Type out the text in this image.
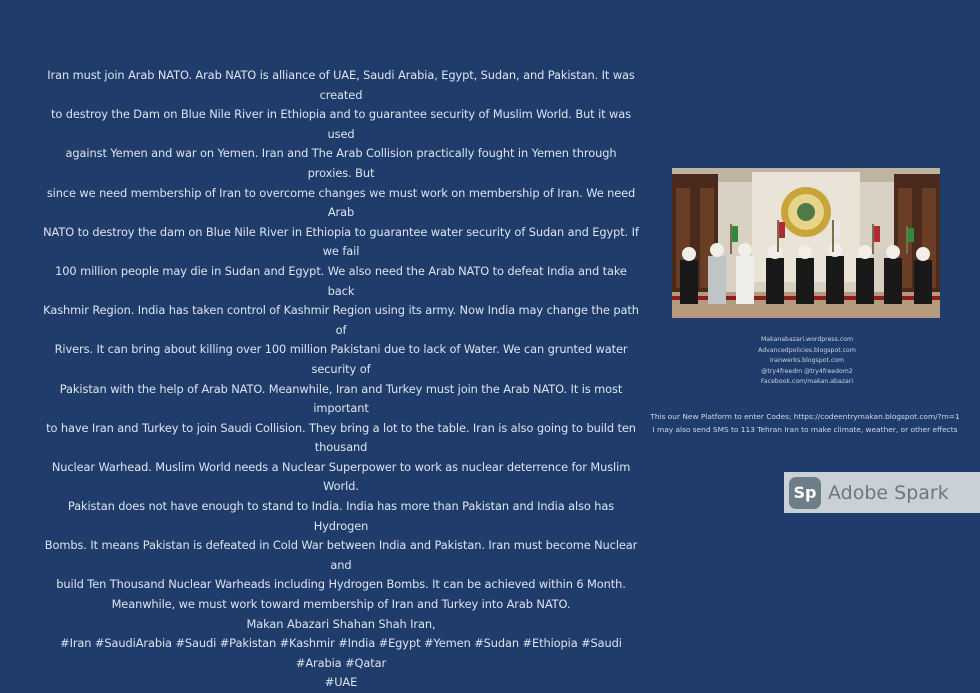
Iran must join Arab NATO. Arab NATO is alliance of UAE, Saudi Arabia, Egypt, Sudan, and Pakistan. It was created

to destroy the Dam on Blue Nile River in Ethiopia and to guarantee security of Muslim World. But it was used

against Yemen and war on Yemen. Iran and The Arab Collision practically fought in Yemen through proxies. But

since we need membership of Iran to overcome changes we must work on membership of Iran. We need Arab

NATO to destroy the dam on Blue Nile River in Ethiopia to guarantee water security of Sudan and Egypt. If we fail

100 million people may die in Sudan and Egypt. We also need the Arab NATO to defeat India and take back

Kashmir Region. India has taken control of Kashmir Region using its army. Now India may change the path of

Rivers. It can bring about killing over 100 million Pakistani due to lack of Water. We can grunted water security of

Pakistan with the help of Arab NATO. Meanwhile, Iran and Turkey must join the Arab NATO. It is most important

to have Iran and Turkey to join Saudi Collision. They bring a lot to the table. Iran is also going to build ten thousand

Nuclear Warhead. Muslim World needs a Nuclear Superpower to work as nuclear deterrence for Muslim World.

Pakistan does not have enough to stand to India. India has more than Pakistan and India also has Hydrogen

Bombs. It means Pakistan is defeated in Cold War between India and Pakistan. Iran must become Nuclear and

build Ten Thousand Nuclear Warheads including Hydrogen Bombs. It can be achieved within 6 Month.

Meanwhile, we must work toward membership of Iran and Turkey into Arab NATO.

Makan Abazari Shahan Shah Iran,

#Iran #SaudiArabia #Saudi #Pakistan #Kashmir #India #Egypt #Yemen #Sudan #Ethiopia #Saudi #Arabia #Qatar

#UAE

Makanabazari.wordpress.com
Advancedpolicies.blogspot.com
Iranwerks.blogspot.com
@try4freedm @try4freedom2
Facebook.com/makan.abazari
This our New Platform to enter Codes; https://codeentrymakan.blogspot.com/?m=1
I may also send SMS to 113 Tehran Iran to make climate, weather, or other effects
Sp Adobe Spark
